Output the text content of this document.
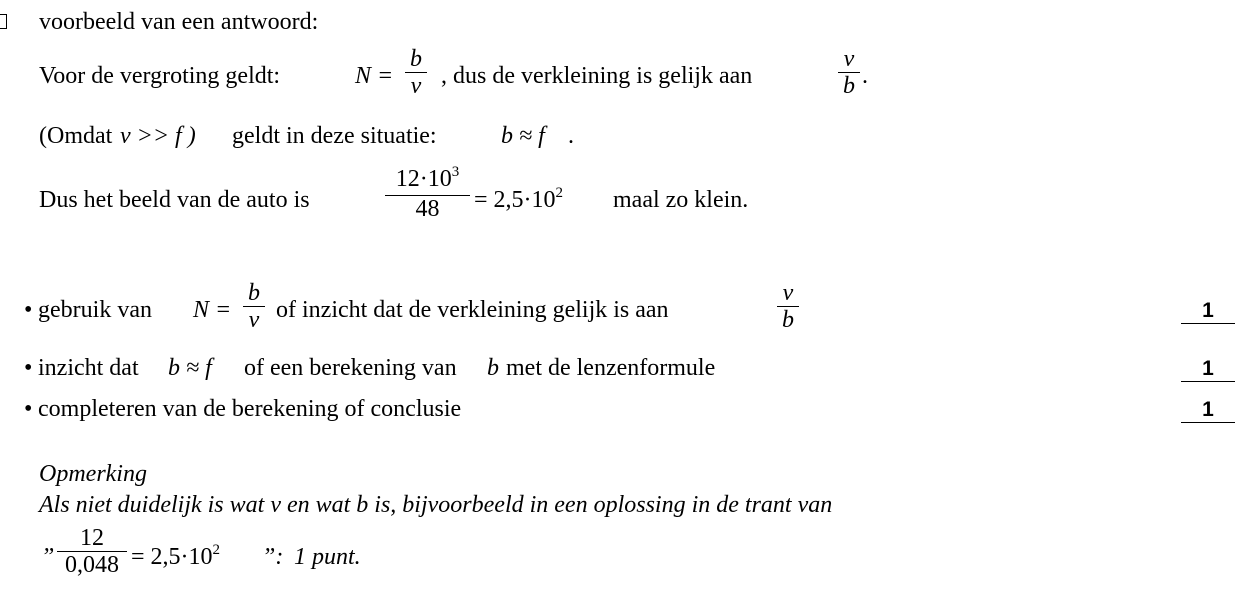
voorbeeld van een antwoord:
Voor de vergroting geldt:	N =
b
v , dus de verkleining is gelijk aan
v
b .
(Omdat v >> f ) geldt in deze situatie:	b ≈ f .
Dus het beeld van de auto is
$12\cdot 10^3$
48	= $2,5\cdot 10^2$ maal zo klein.
• gebruik van N =
b
v of inzicht dat de verkleining gelijk is aan
v
b	1
• inzicht dat b ≈ f of een berekening van b met de lenzenformule	1
• completeren van de berekening of conclusie	1
Opmerking
Als niet duidelijk is wat v en wat b is, bijvoorbeeld in een oplossing in de trant van
”
12
$0,048 = 2,5\cdot 10^2$ ”: 1 punt.
